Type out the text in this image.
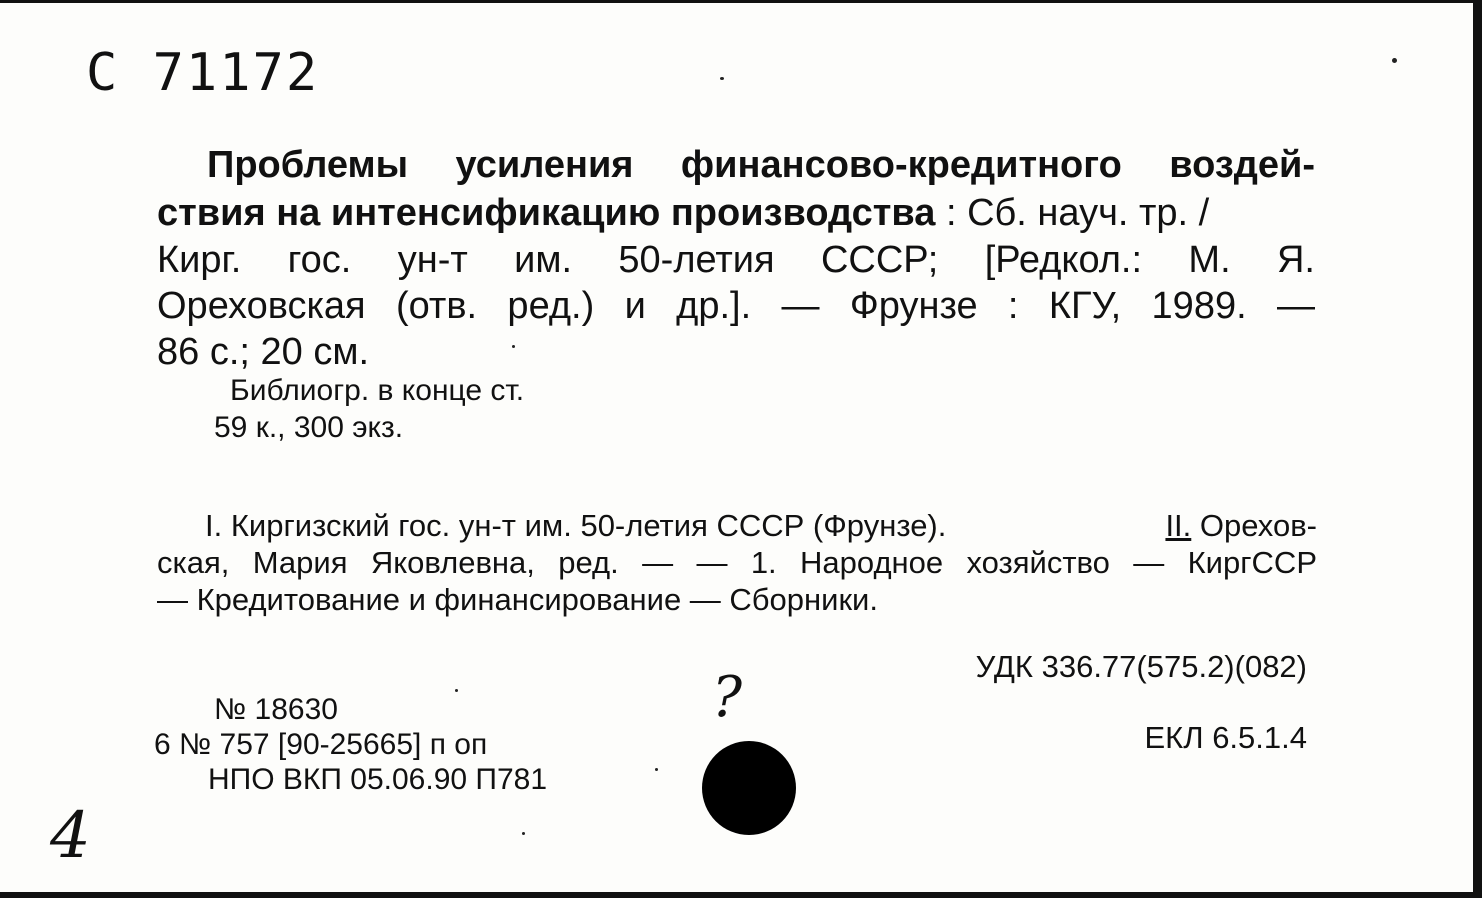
С 71172
Проблемы усиления финансово-кредитного воздей-
ствия на интенсификацию производства : Сб. науч. тр. /
Кирг. гос. ун-т им. 50-летия СССР; [Редкол.: М. Я.
Ореховская (отв. ред.) и др.]. — Фрунзе : КГУ, 1989. —
86 с.; 20 см.
Библиогр. в конце ст.
59 к., 300 экз.
I. Киргизский гос. ун-т им. 50-летия СССР (Фрунзе).	II. Орехов-
ская, Мария Яковлевна, ред. — — 1. Народное хозяйство — КиргССР
— Кредитование и финансирование — Сборники.
УДК 336.77(575.2)(082)
ЕКЛ 6.5.1.4
№ 18630
6 № 757 [90-25665] п оп
НПО ВКП 05.06.90 П781
?
4
